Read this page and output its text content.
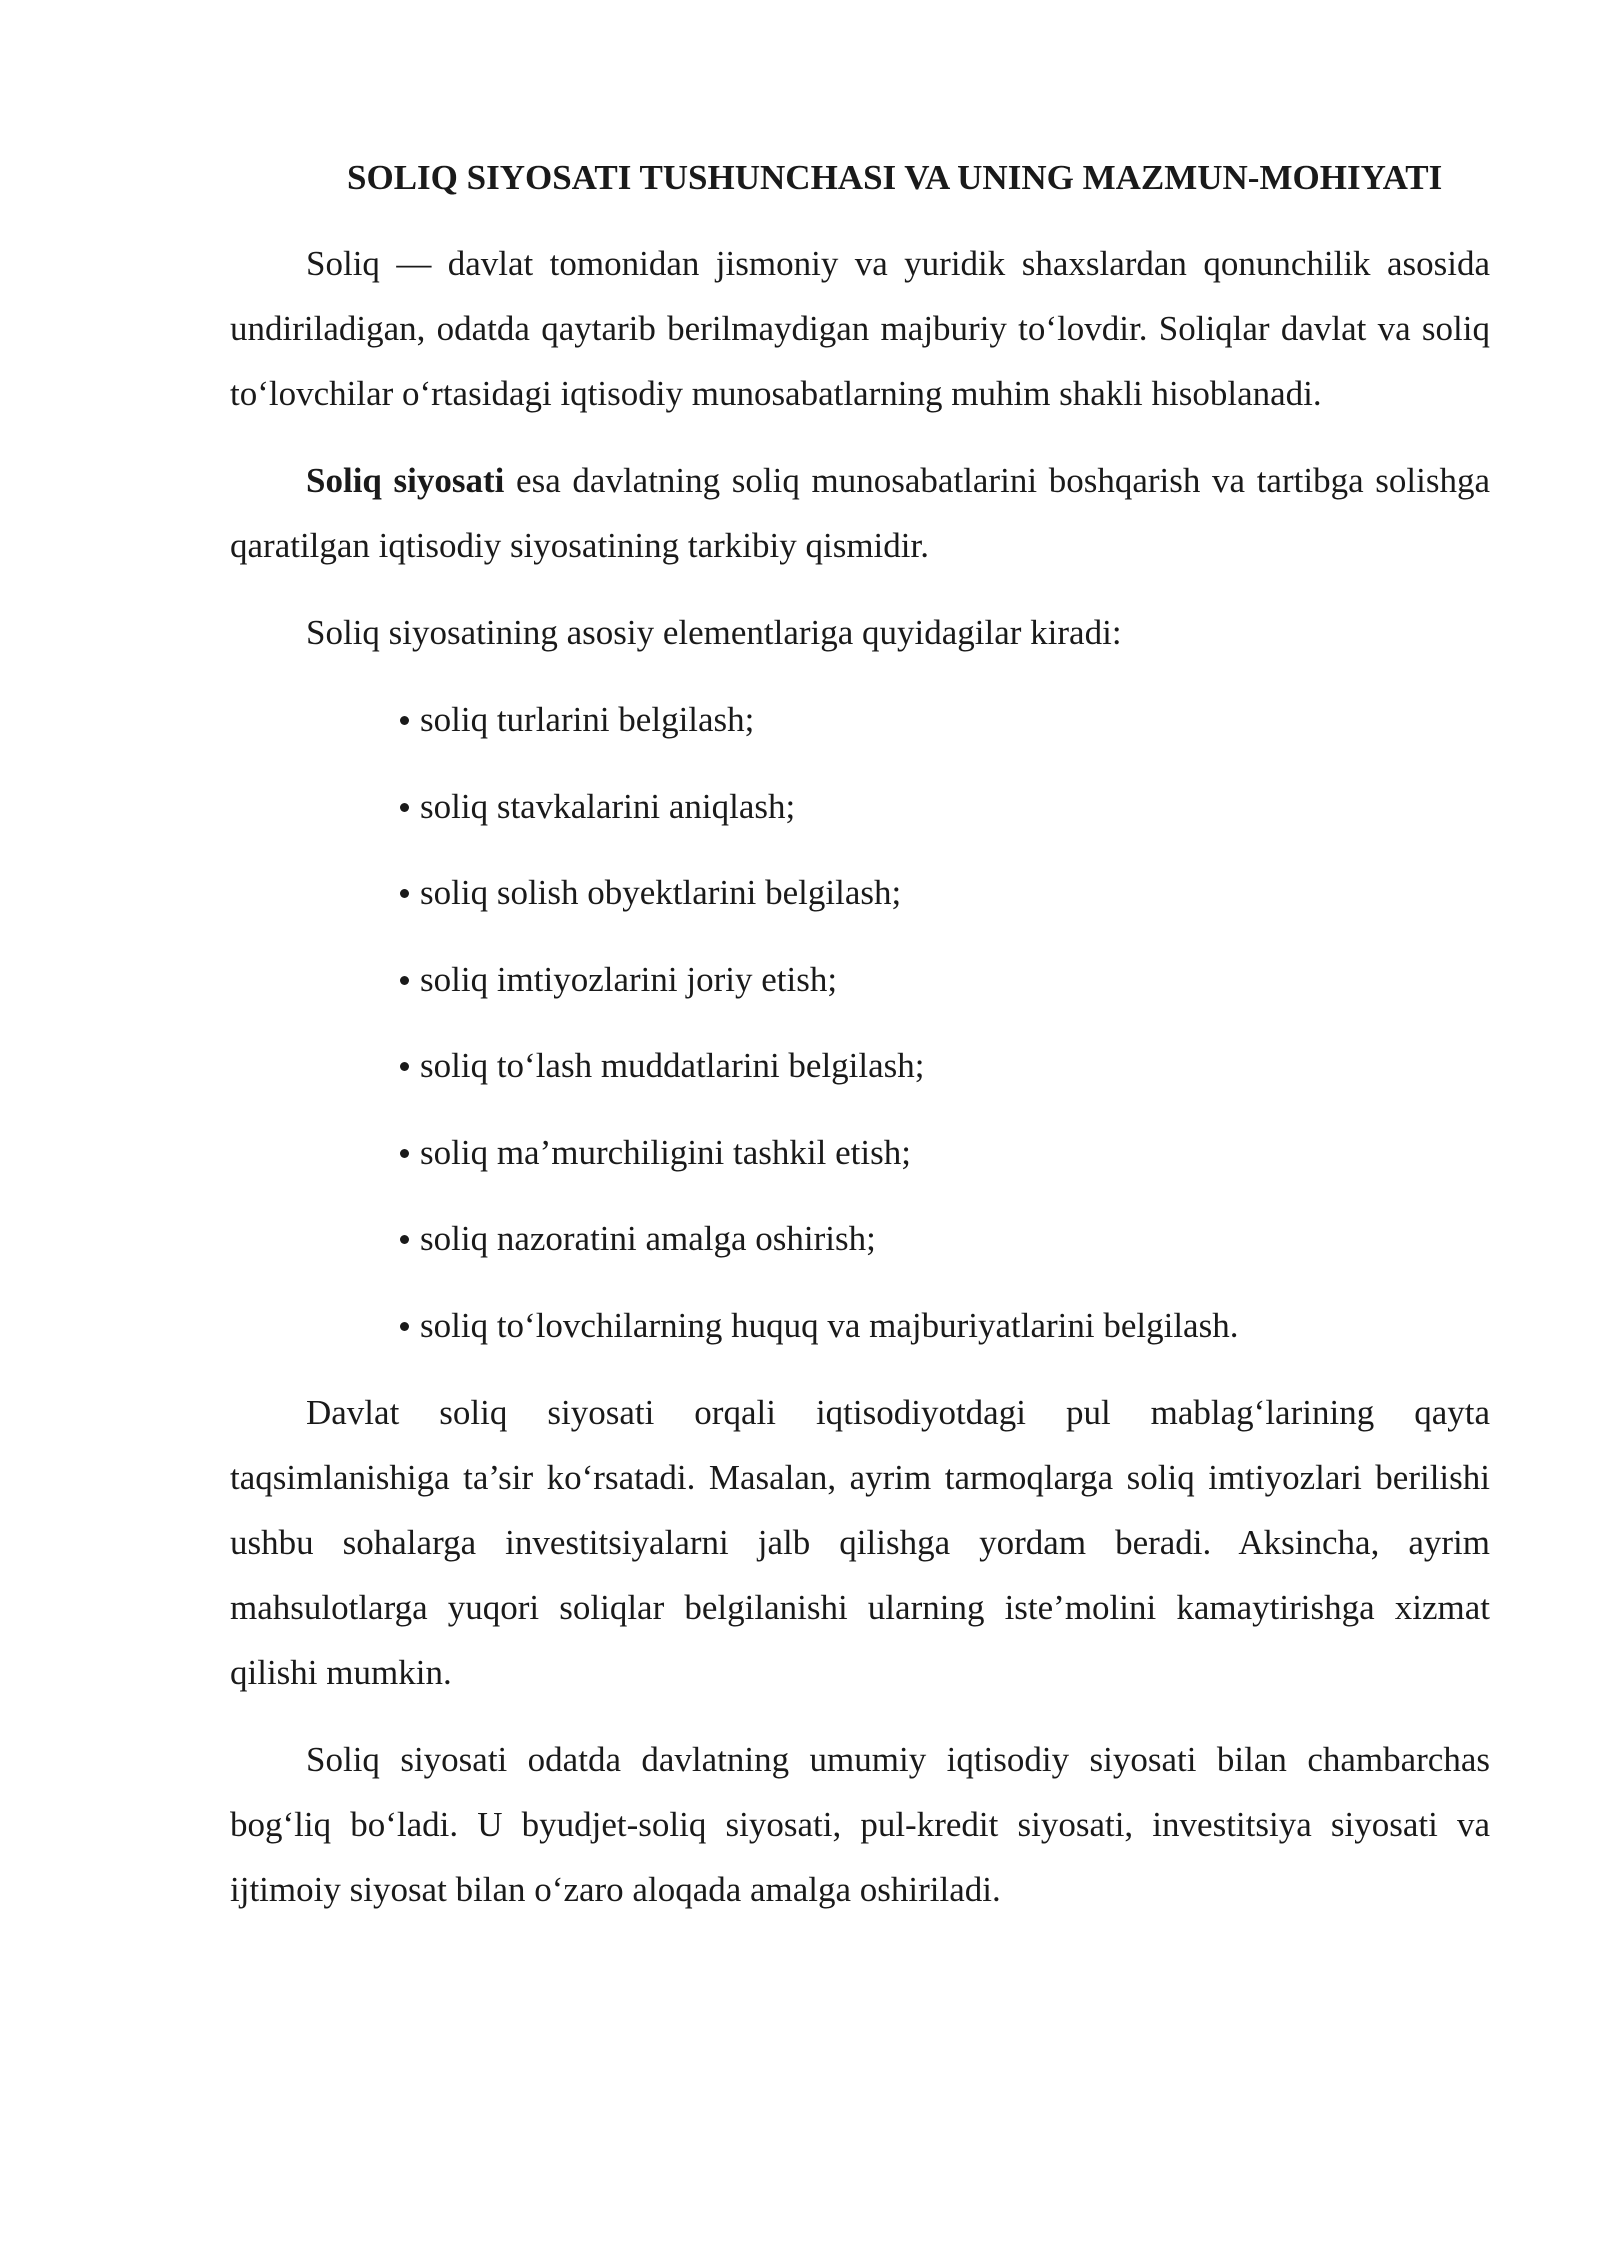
SOLIQ SIYOSATI TUSHUNCHASI VA UNING MAZMUN-MOHIYATI

Soliq — davlat tomonidan jismoniy va yuridik shaxslardan qonunchilik asosida undiriladigan, odatda qaytarib berilmaydigan majburiy to‘lovdir. Soliqlar davlat va soliq to‘lovchilar o‘rtasidagi iqtisodiy munosabatlarning muhim shakli hisoblanadi.

Soliq siyosati esa davlatning soliq munosabatlarini boshqarish va tartibga solishga qaratilgan iqtisodiy siyosatining tarkibiy qismidir.

Soliq siyosatining asosiy elementlariga quyidagilar kiradi:

soliq turlarini belgilash;
soliq stavkalarini aniqlash;
soliq solish obyektlarini belgilash;
soliq imtiyozlarini joriy etish;
soliq to‘lash muddatlarini belgilash;
soliq ma’murchiligini tashkil etish;
soliq nazoratini amalga oshirish;
soliq to‘lovchilarning huquq va majburiyatlarini belgilash.

Davlat soliq siyosati orqali iqtisodiyotdagi pul mablag‘larining qayta taqsimlanishiga ta’sir ko‘rsatadi. Masalan, ayrim tarmoqlarga soliq imtiyozlari berilishi ushbu sohalarga investitsiyalarni jalb qilishga yordam beradi. Aksincha, ayrim mahsulotlarga yuqori soliqlar belgilanishi ularning iste’molini kamaytirishga xizmat qilishi mumkin.

Soliq siyosati odatda davlatning umumiy iqtisodiy siyosati bilan chambarchas bog‘liq bo‘ladi. U byudjet-soliq siyosati, pul-kredit siyosati, investitsiya siyosati va ijtimoiy siyosat bilan o‘zaro aloqada amalga oshiriladi.
